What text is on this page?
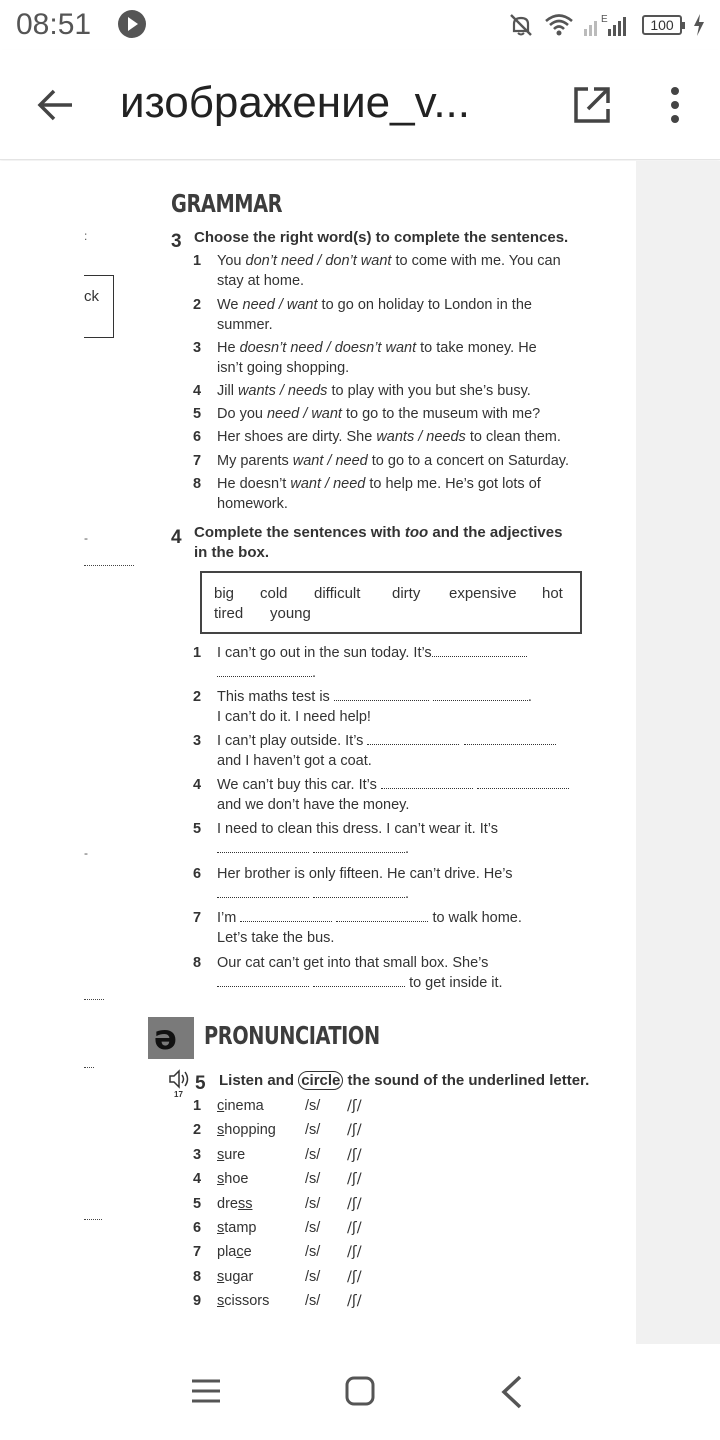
08:51	E	100
изображение_v...
:
ck
-
-
GRAMMAR
3 Choose the right word(s) to complete the sentences.
1 You don’t need / don’t want to come with me. You can
stay at home.
2 We need / want to go on holiday to London in the
summer.
3 He doesn’t need / doesn’t want to take money. He
isn’t going shopping.
4 Jill wants / needs to play with you but she’s busy.
5 Do you need / want to go to the museum with me?
6 Her shoes are dirty. She wants / needs to clean them.
7 My parents want / need to go to a concert on Saturday.
8 He doesn’t want / need to help me. He’s got lots of
homework.
4 Complete the sentences with too and the adjectives
in the box.
big cold difficult dirty expensive hot
tired young
1 I can’t go out in the sun today. It’s
.
2 This maths test is	.
I can’t do it. I need help!
3 I can’t play outside. It’s
and I haven’t got a coat.
4 We can’t buy this car. It’s
and we don’t have the money.
5 I need to clean this dress. I can’t wear it. It’s
.
6 Her brother is only fifteen. He can’t drive. He’s
.
7 I’m	to walk home.
Let’s take the bus.
8 Our cat can’t get into that small box. She’s
to get inside it.
ə PRONUNCIATION
17
5 Listen and circle the sound of the underlined letter.
1 cinema	/s/ /ʃ/
2 shopping /s/ /ʃ/
3 sure	/s/ /ʃ/
4 shoe	/s/ /ʃ/
5 dress	/s/ /ʃ/
6 stamp	/s/ /ʃ/
7 place	/s/ /ʃ/
8 sugar	/s/ /ʃ/
9 scissors /s/ /ʃ/
